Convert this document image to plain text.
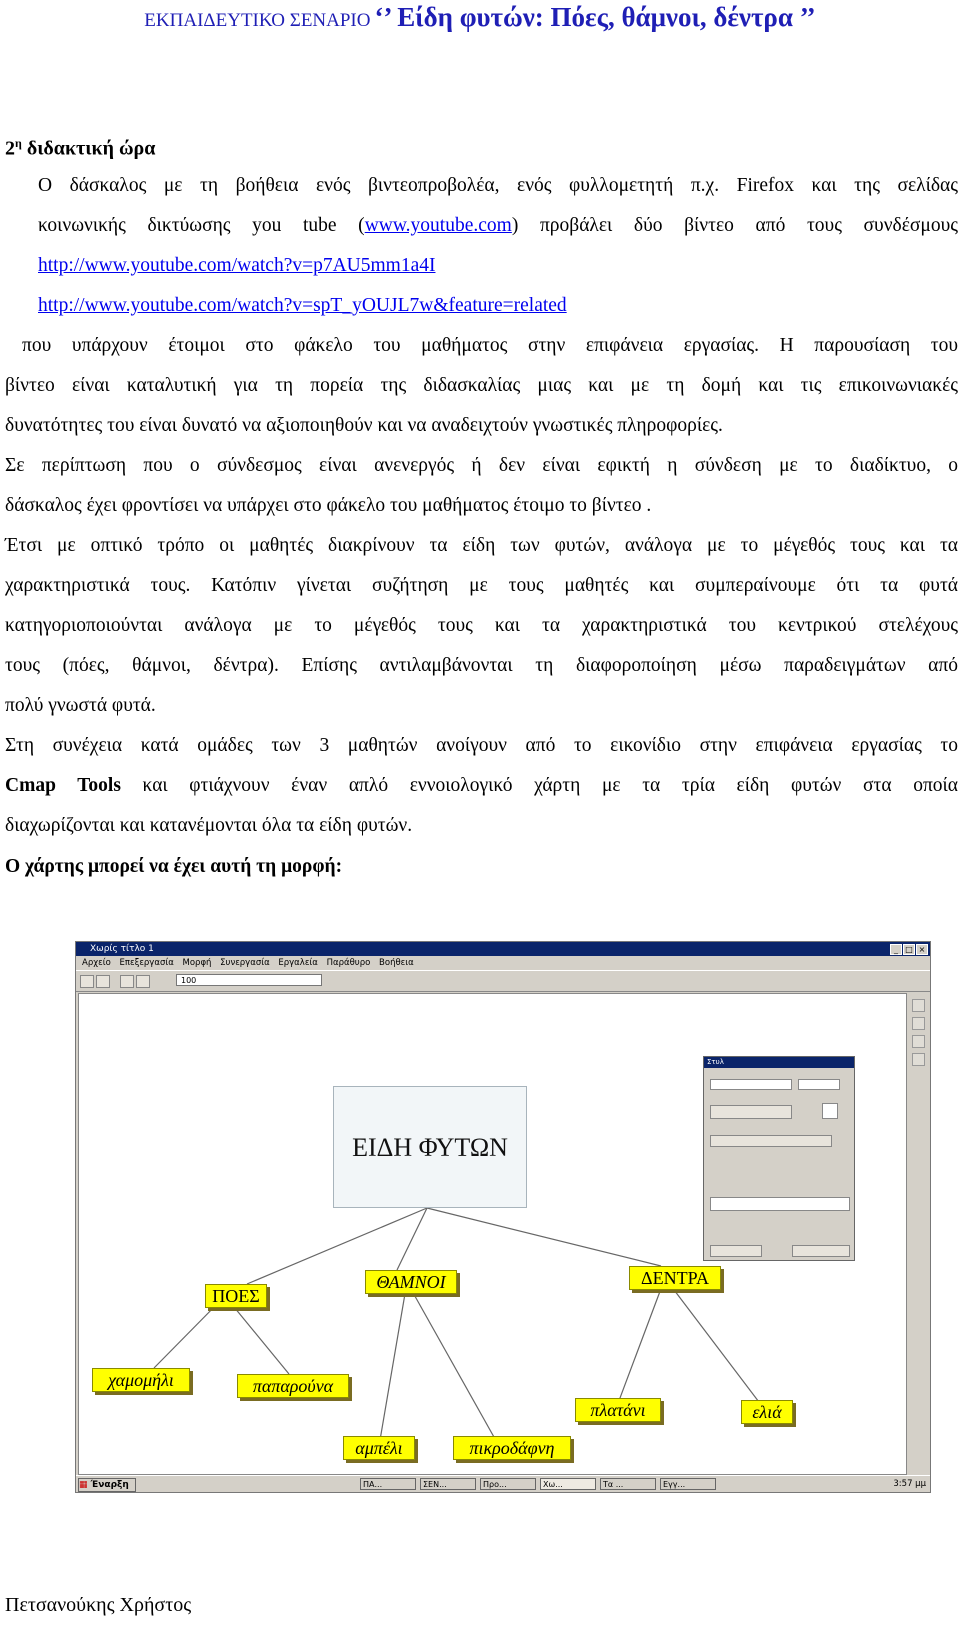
ΕΚΠΑΙΔΕΥΤΙΚΟ ΣΕΝΑΡΙΟ ‘’ Είδη φυτών: Πόες, θάμνοι, δέντρα ’’
$2^\eta$ διδακτική ώρα
Ο δάσκαλος με τη βοήθεια ενός βιντεοπροβολέα, ενός φυλλομετητή π.χ. Firefox και της σελίδας
κοινωνικής δικτύωσης you tube (www.youtube.com) προβάλει δύο βίντεο από τους συνδέσμους
http://www.youtube.com/watch?v=p7AU5mm1a4I
http://www.youtube.com/watch?v=spT_yOUJL7w&feature=related
που υπάρχουν έτοιμοι στο φάκελο του μαθήματος στην επιφάνεια εργασίας. Η παρουσίαση του
βίντεο είναι καταλυτική για τη πορεία της διδασκαλίας μιας και με τη δομή και τις επικοινωνιακές
δυνατότητες του είναι δυνατό να αξιοποιηθούν και να αναδειχτούν γνωστικές πληροφορίες.
Σε περίπτωση που ο σύνδεσμος είναι ανενεργός ή δεν είναι εφικτή η σύνδεση με το διαδίκτυο, ο
δάσκαλος έχει φροντίσει να υπάρχει στο φάκελο του μαθήματος έτοιμο το βίντεο .
Έτσι με οπτικό τρόπο οι μαθητές διακρίνουν τα είδη των φυτών, ανάλογα με το μέγεθός τους και τα
χαρακτηριστικά τους. Κατόπιν γίνεται συζήτηση με τους μαθητές και συμπεραίνουμε ότι τα φυτά
κατηγοριοποιούνται ανάλογα με το μέγεθός τους και τα χαρακτηριστικά του κεντρικού στελέχους
τους (πόες, θάμνοι, δέντρα). Επίσης αντιλαμβάνονται τη διαφοροποίηση μέσω παραδειγμάτων από
πολύ γνωστά φυτά.
Στη συνέχεια κατά ομάδες των 3 μαθητών ανοίγουν από το εικονίδιο στην επιφάνεια εργασίας το
Cmap Tools και φτιάχνουν έναν απλό εννοιολογικό χάρτη με τα τρία είδη φυτών στα οποία
διαχωρίζονται και κατανέμονται όλα τα είδη φυτών.
Ο χάρτης μπορεί να έχει αυτή τη μορφή:
Χωρίς τίτλο 1	_ □ ×
Αρχείο Επεξεργασία Μορφή Συνεργασία Εργαλεία Παράθυρο Βοήθεια
100
ΕΙΔΗ ΦΥΤΩΝ
ΠΟΕΣ
ΘΑΜΝΟΙ	ΔΕΝΤΡΑ
χαμομήλι	παπαρούνα
αμπέλι	πικροδάφνη
πλατάνι	ελιά
Στυλ
▦ Έναρξη	ΠΑ...	ΣΕΝ...	Προ...	Χω...	Τα ...	Εγγ...	3:57 μμ
Πετσανούκης Χρήστος
